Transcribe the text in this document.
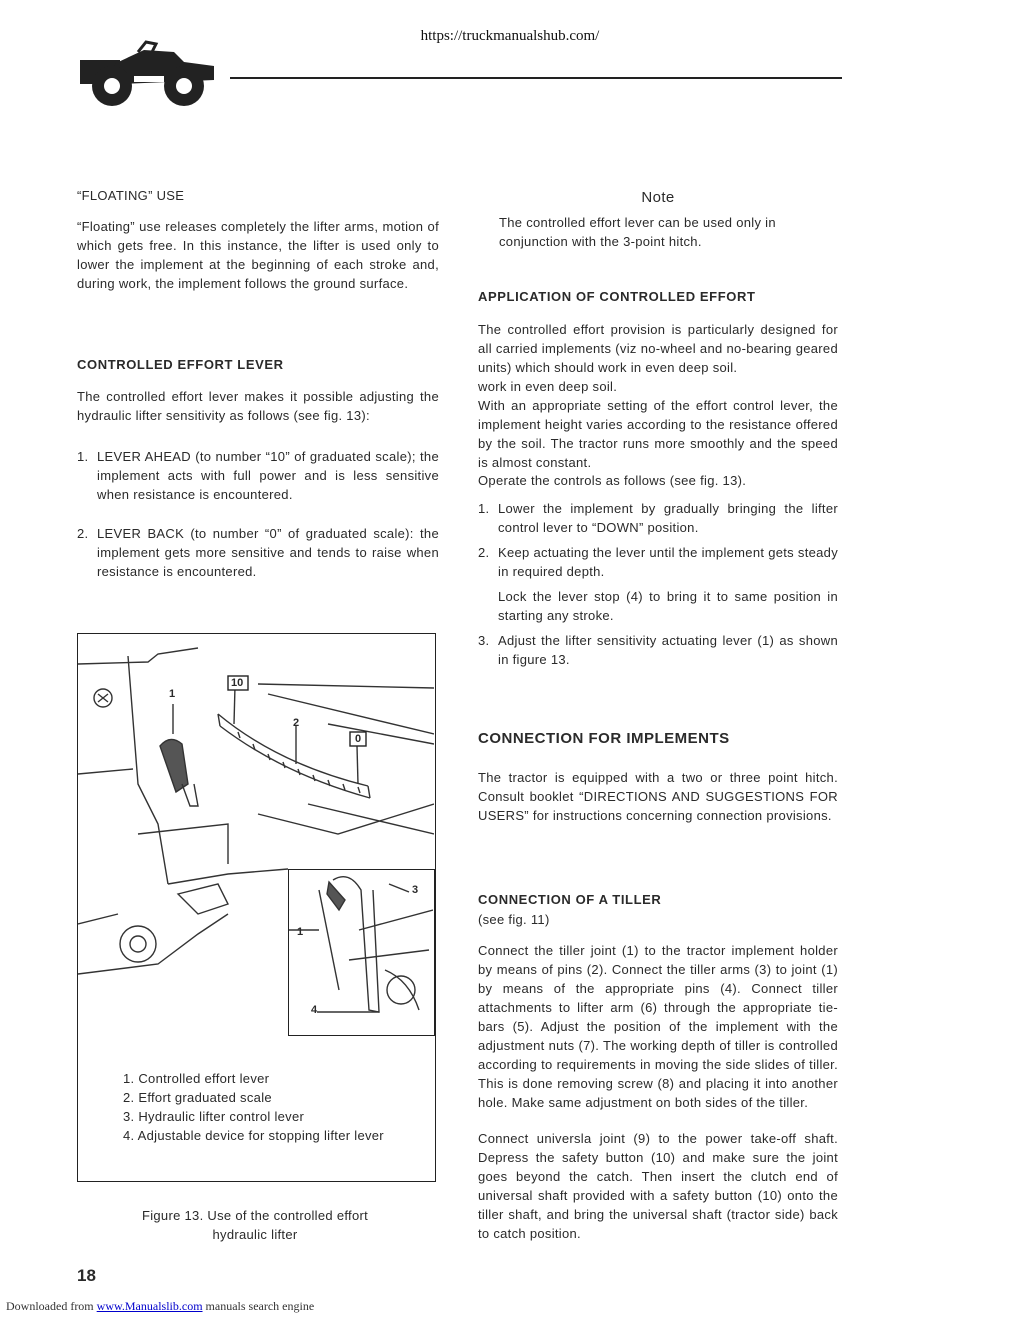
https://truckmanualshub.com/

“FLOATING” USE

“Floating” use releases completely the lifter arms, motion of which gets free. In this instance, the lifter is used only to lower the implement at the beginning of each stroke and, during work, the implement follows the ground surface.

CONTROLLED EFFORT LEVER

The controlled effort lever makes it possible adjusting the hydraulic lifter sensitivity as follows (see fig. 13):

1. LEVER AHEAD (to number “10” of graduated scale); the implement acts with full power and is less sensitive when resistance is encountered.
2. LEVER BACK (to number “0” of graduated scale): the implement gets more sensitive and tends to raise when resistance is encountered.
1
10
2
0
3
1
4
1. Controlled effort lever
2. Effort graduated scale
3. Hydraulic lifter control lever
4. Adjustable device for stopping lifter lever
Figure 13. Use of the controlled effort
hydraulic lifter

Note

The controlled effort lever can be used only in conjunction with the 3-point hitch.

APPLICATION OF CONTROLLED EFFORT

The controlled effort provision is particularly designed for all carried implements (viz no-wheel and no-bearing geared units) which should work in even deep soil.

work in even deep soil.

With an appropriate setting of the effort control lever, the implement height varies according to the resistance offered by the soil. The tractor runs more smoothly and the speed is almost constant.

Operate the controls as follows (see fig. 13).

1. Lower the implement by gradually bringing the lifter control lever to “DOWN” position.
2. Keep actuating the lever until the implement gets steady in required depth.
Lock the lever stop (4) to bring it to same position in starting any stroke.
3. Adjust the lifter sensitivity actuating lever (1) as shown in figure 13.

CONNECTION FOR IMPLEMENTS

The tractor is equipped with a two or three point hitch. Consult booklet “DIRECTIONS AND SUGGESTIONS FOR USERS” for instructions concerning connection provisions.

CONNECTION OF A TILLER

(see fig. 11)

Connect the tiller joint (1) to the tractor implement holder by means of pins (2). Connect the tiller arms (3) to joint (1) by means of the appropriate pins (4). Connect tiller attachments to lifter arm (6) through the appropriate tie-bars (5). Adjust the position of the implement with the adjustment nuts (7). The working depth of tiller is controlled according to requirements in moving the side slides of tiller. This is done removing screw (8) and placing it into another hole. Make same adjustment on both sides of the tiller.

Connect universla joint (9) to the power take-off shaft. Depress the safety button (10) and make sure the joint goes beyond the catch. Then insert the clutch end of universal shaft provided with a safety button (10) onto the tiller shaft, and bring the universal shaft (tractor side) back to catch position.

18
Downloaded from www.Manualslib.com manuals search engine
